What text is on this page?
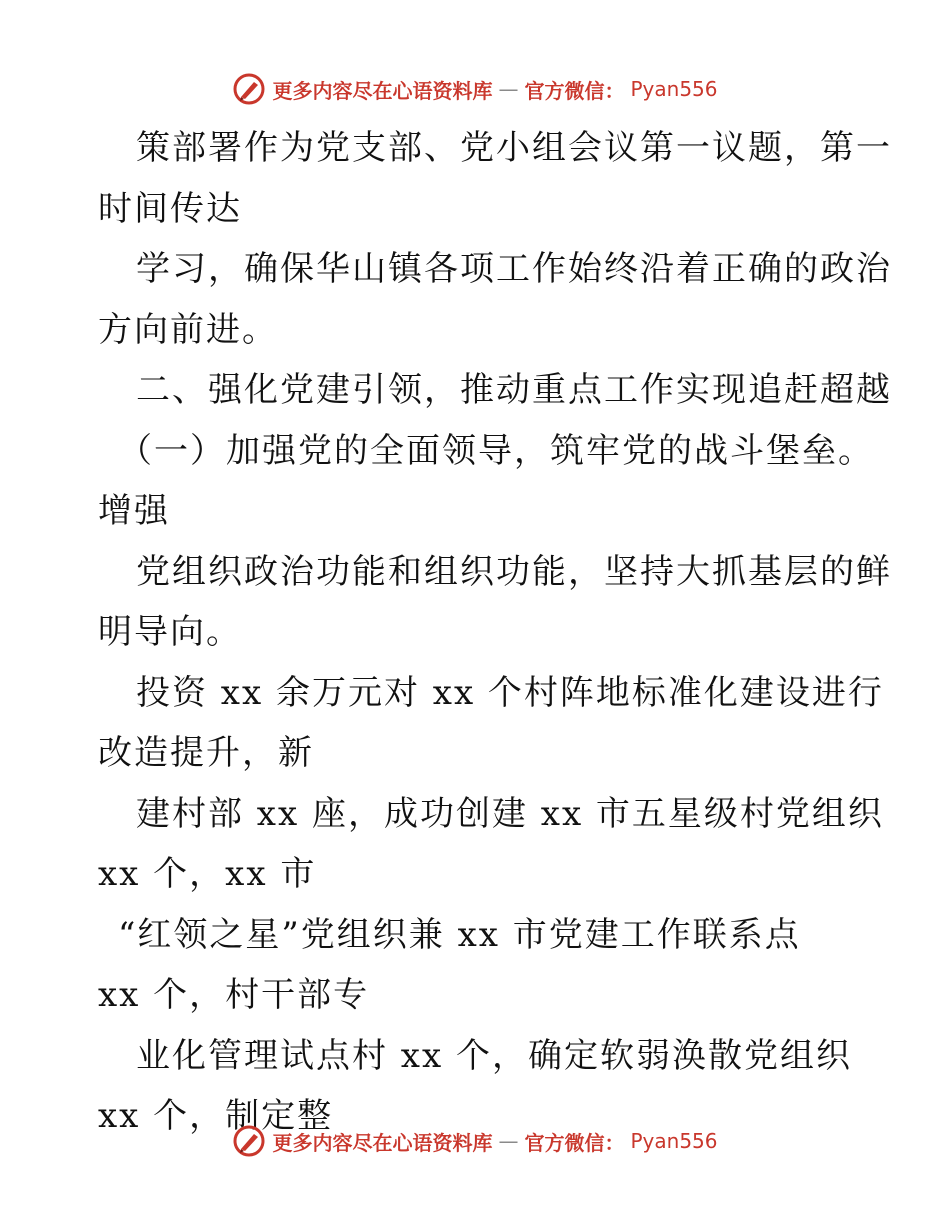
更多内容尽在心语资料库 — 官方微信： Pyan556
策部署作为党支部、党小组会议第一议题，第一
时间传达
学习，确保华山镇各项工作始终沿着正确的政治
方向前进。
二、强化党建引领，推动重点工作实现追赶超越
（一）加强党的全面领导，筑牢党的战斗堡垒。
增强
党组织政治功能和组织功能，坚持大抓基层的鲜
明导向。
投资 xx 余万元对 xx 个村阵地标准化建设进行
改造提升，新
建村部 xx 座，成功创建 xx 市五星级村党组织
xx 个，xx 市
“红领之星”党组织兼 xx 市党建工作联系点
xx 个，村干部专
业化管理试点村 xx 个，确定软弱涣散党组织
xx 个，制定整
更多内容尽在心语资料库 — 官方微信： Pyan556
